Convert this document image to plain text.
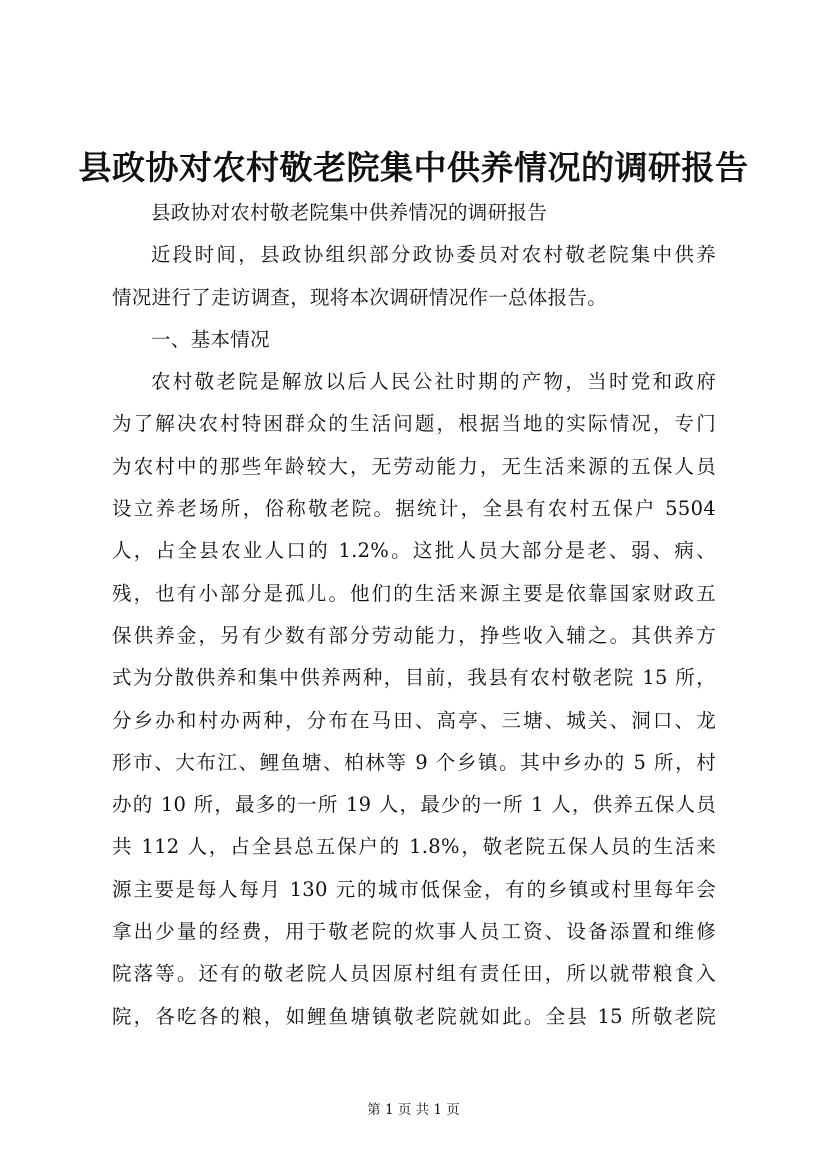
县政协对农村敬老院集中供养情况的调研报告
县政协对农村敬老院集中供养情况的调研报告
近段时间，县政协组织部分政协委员对农村敬老院集中供养
情况进行了走访调查，现将本次调研情况作一总体报告。
一、基本情况
农村敬老院是解放以后人民公社时期的产物，当时党和政府
为了解决农村特困群众的生活问题，根据当地的实际情况，专门
为农村中的那些年龄较大，无劳动能力，无生活来源的五保人员
设立养老场所，俗称敬老院。据统计，全县有农村五保户 5504
人，占全县农业人口的 1.2%。这批人员大部分是老、弱、病、
残，也有小部分是孤儿。他们的生活来源主要是依靠国家财政五
保供养金，另有少数有部分劳动能力，挣些收入辅之。其供养方
式为分散供养和集中供养两种，目前，我县有农村敬老院 15 所，
分乡办和村办两种，分布在马田、高亭、三塘、城关、洞口、龙
形市、大布江、鲤鱼塘、柏林等 9 个乡镇。其中乡办的 5 所，村
办的 10 所，最多的一所 19 人，最少的一所 1 人，供养五保人员
共 112 人，占全县总五保户的 1.8%，敬老院五保人员的生活来
源主要是每人每月 130 元的城市低保金，有的乡镇或村里每年会
拿出少量的经费，用于敬老院的炊事人员工资、设备添置和维修
院落等。还有的敬老院人员因原村组有责任田，所以就带粮食入
院，各吃各的粮，如鲤鱼塘镇敬老院就如此。全县 15 所敬老院
第 1 页 共 1 页
